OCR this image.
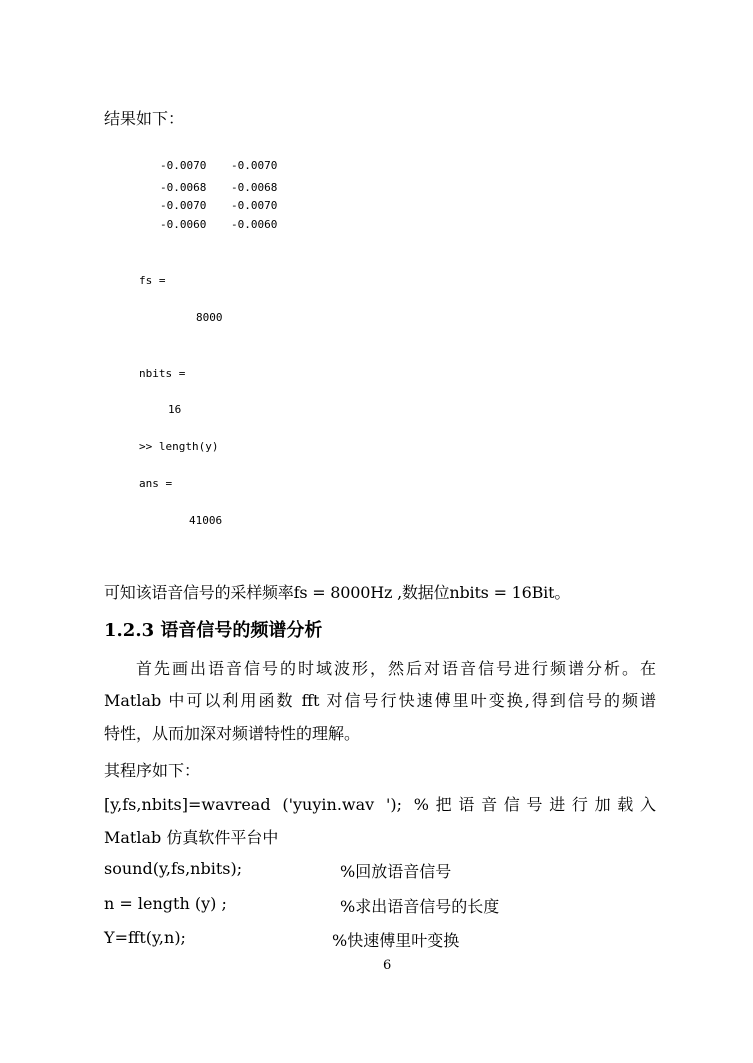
结果如下：
-0.0070 -0.0070
-0.0068 -0.0068
-0.0070 -0.0070
-0.0060 -0.0060
fs =
8000
nbits =
16
>> length(y)
ans =
41006
可知该语音信号的采样频率fs = 8000Hz ,数据位nbits = 16Bit。
1.2.3 语音信号的频谱分析
首先画出语音信号的时域波形，然后对语音信号进行频谱分析。在
Matlab 中可以利用函数 fft 对信号行快速傅里叶变换,得到信号的频谱
特性，从而加深对频谱特性的理解。
其程序如下：
[y,fs,nbits]=wavread ('yuyin.wav '); %把语音信号进行加载入
Matlab 仿真软件平台中
sound(y,fs,nbits);	%回放语音信号
n = length (y) ;	%求出语音信号的长度
Y=fft(y,n);	%快速傅里叶变换
6
